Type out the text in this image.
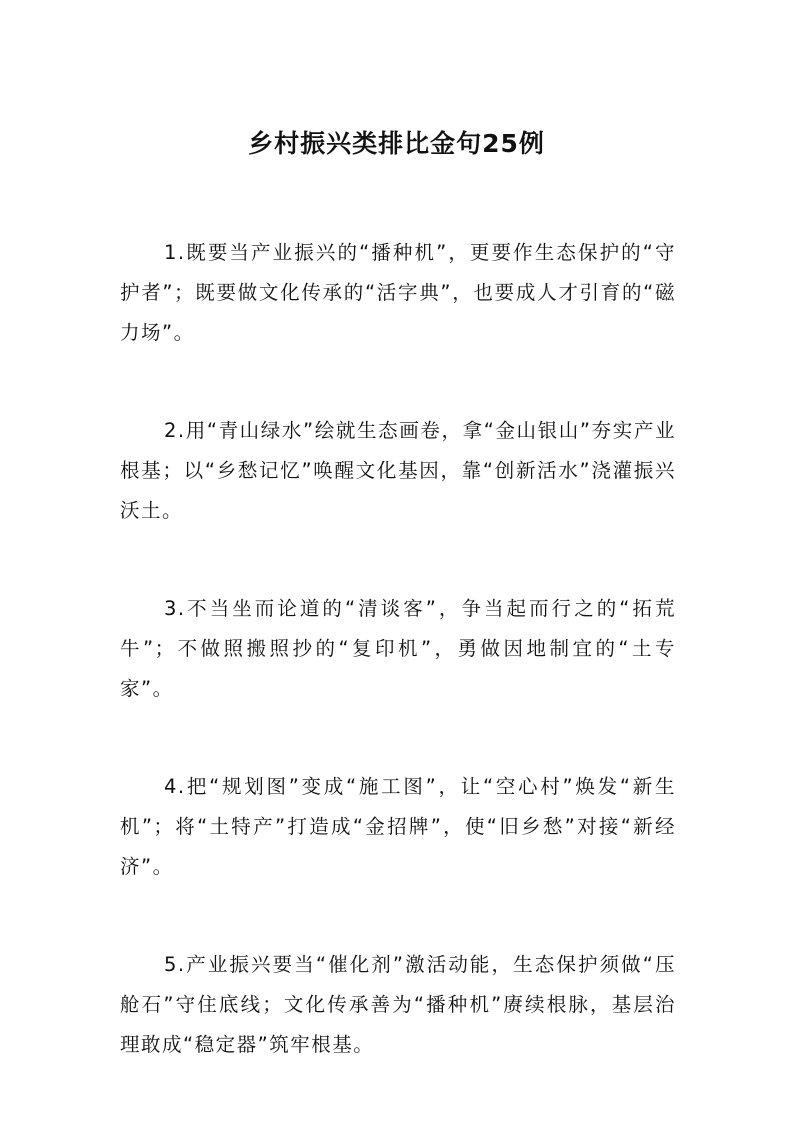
乡村振兴类排比金句25例

1.既要当产业振兴的“播种机”，更要作生态保护的“守护者”；既要做文化传承的“活字典”，也要成人才引育的“磁力场”。

2.用“青山绿水”绘就生态画卷，拿“金山银山”夯实产业根基；以“乡愁记忆”唤醒文化基因，靠“创新活水”浇灌振兴沃土。

3.不当坐而论道的“清谈客”，争当起而行之的“拓荒牛”；不做照搬照抄的“复印机”，勇做因地制宜的“土专家”。

4.把“规划图”变成“施工图”，让“空心村”焕发“新生机”；将“土特产”打造成“金招牌”，使“旧乡愁”对接“新经济”。

5.产业振兴要当“催化剂”激活动能，生态保护须做“压舱石”守住底线；文化传承善为“播种机”赓续根脉，基层治理敢成“稳定器”筑牢根基。
